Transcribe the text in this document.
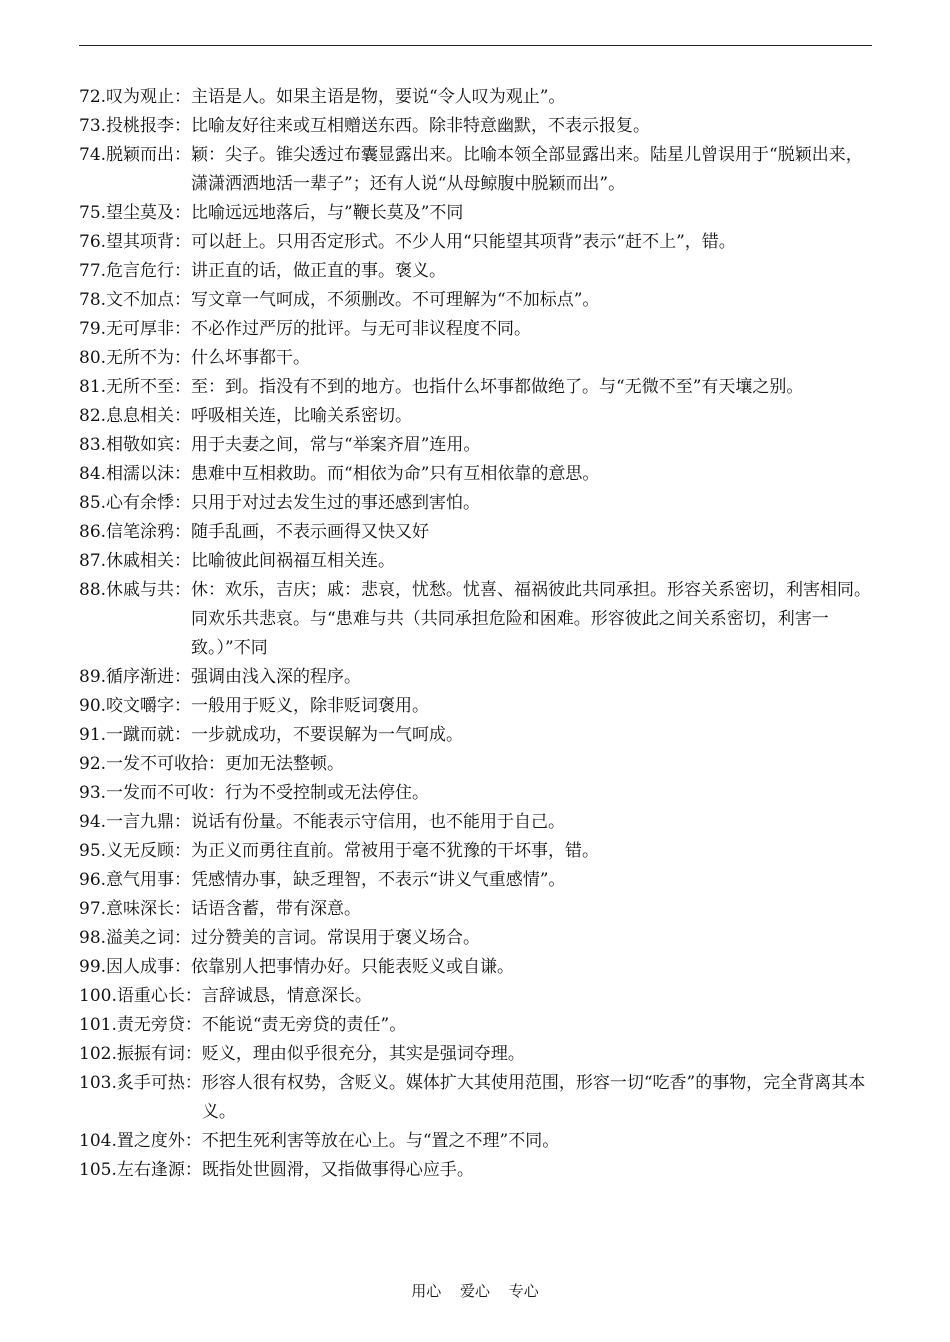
72. 叹为观止： 主语是人。如果主语是物，要说“令人叹为观止”。
73. 投桃报李： 比喻友好往来或互相赠送东西。除非特意幽默，不表示报复。
74. 脱颖而出： 颖：尖子。锥尖透过布囊显露出来。比喻本领全部显露出来。陆星儿曾误用于“脱颖出来，潇潇洒洒地活一辈子”；还有人说“从母鲸腹中脱颖而出”。
75. 望尘莫及： 比喻远远地落后，与”鞭长莫及”不同
76. 望其项背： 可以赶上。只用否定形式。不少人用“只能望其项背”表示“赶不上”，错。
77. 危言危行： 讲正直的话，做正直的事。褒义。
78. 文不加点： 写文章一气呵成，不须删改。不可理解为“不加标点”。
79. 无可厚非： 不必作过严厉的批评。与无可非议程度不同。
80. 无所不为： 什么坏事都干。
81. 无所不至： 至：到。指没有不到的地方。也指什么坏事都做绝了。与“无微不至”有天壤之别。
82. 息息相关： 呼吸相关连，比喻关系密切。
83. 相敬如宾： 用于夫妻之间，常与“举案齐眉”连用。
84. 相濡以沫： 患难中互相救助。而“相依为命”只有互相依靠的意思。
85. 心有余悸： 只用于对过去发生过的事还感到害怕。
86. 信笔涂鸦： 随手乱画，不表示画得又快又好
87. 休戚相关： 比喻彼此间祸福互相关连。
88. 休戚与共： 休：欢乐，吉庆；戚：悲哀，忧愁。忧喜、福祸彼此共同承担。形容关系密切，利害相同。同欢乐共悲哀。与“患难与共（共同承担危险和困难。形容彼此之间关系密切，利害一致。）”不同
89. 循序渐进： 强调由浅入深的程序。
90. 咬文嚼字： 一般用于贬义，除非贬词褒用。
91. 一蹴而就： 一步就成功，不要误解为一气呵成。
92. 一发不可收拾： 更加无法整顿。
93. 一发而不可收： 行为不受控制或无法停住。
94. 一言九鼎： 说话有份量。不能表示守信用，也不能用于自己。
95. 义无反顾： 为正义而勇往直前。常被用于毫不犹豫的干坏事，错。
96. 意气用事： 凭感情办事，缺乏理智，不表示“讲义气重感情”。
97. 意味深长： 话语含蓄，带有深意。
98. 溢美之词： 过分赞美的言词。常误用于褒义场合。
99. 因人成事： 依靠别人把事情办好。只能表贬义或自谦。
100. 语重心长： 言辞诚恳，情意深长。
101. 责无旁贷： 不能说“责无旁贷的责任”。
102. 振振有词： 贬义，理由似乎很充分，其实是强词夺理。
103. 炙手可热： 形容人很有权势，含贬义。媒体扩大其使用范围，形容一切“吃香”的事物，完全背离其本义。
104. 置之度外： 不把生死利害等放在心上。与“置之不理”不同。
105. 左右逢源： 既指处世圆滑，又指做事得心应手。
用心 爱心 专心
